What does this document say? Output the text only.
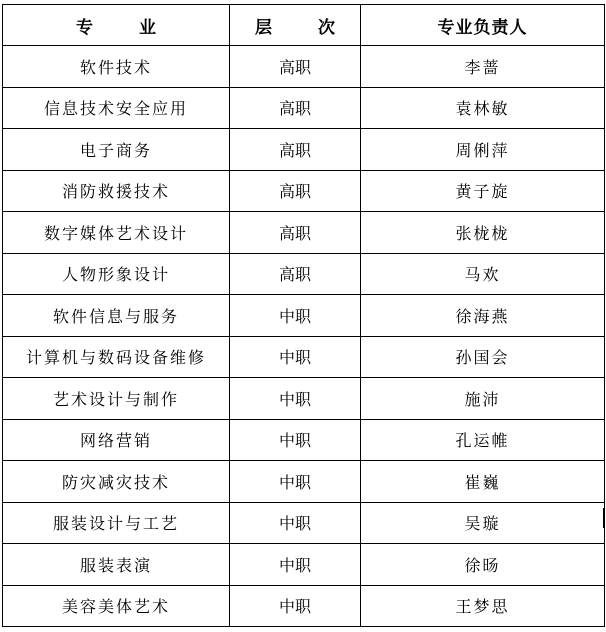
专 业	层 次	专业负责人
软件技术	高职	李蔷
信息技术安全应用	高职	袁林敏
电子商务	高职	周俐萍
消防救援技术	高职	黄子旋
数字媒体艺术设计	高职	张栊栊
人物形象设计	高职	马欢
软件信息与服务	中职	徐海燕
计算机与数码设备维修	中职	孙国会
艺术设计与制作	中职	施沛
网络营销	中职	孔运帷
防灾减灾技术	中职	崔巍
服装设计与工艺	中职	吴璇
服装表演	中职	徐旸
美容美体艺术	中职	王梦思
